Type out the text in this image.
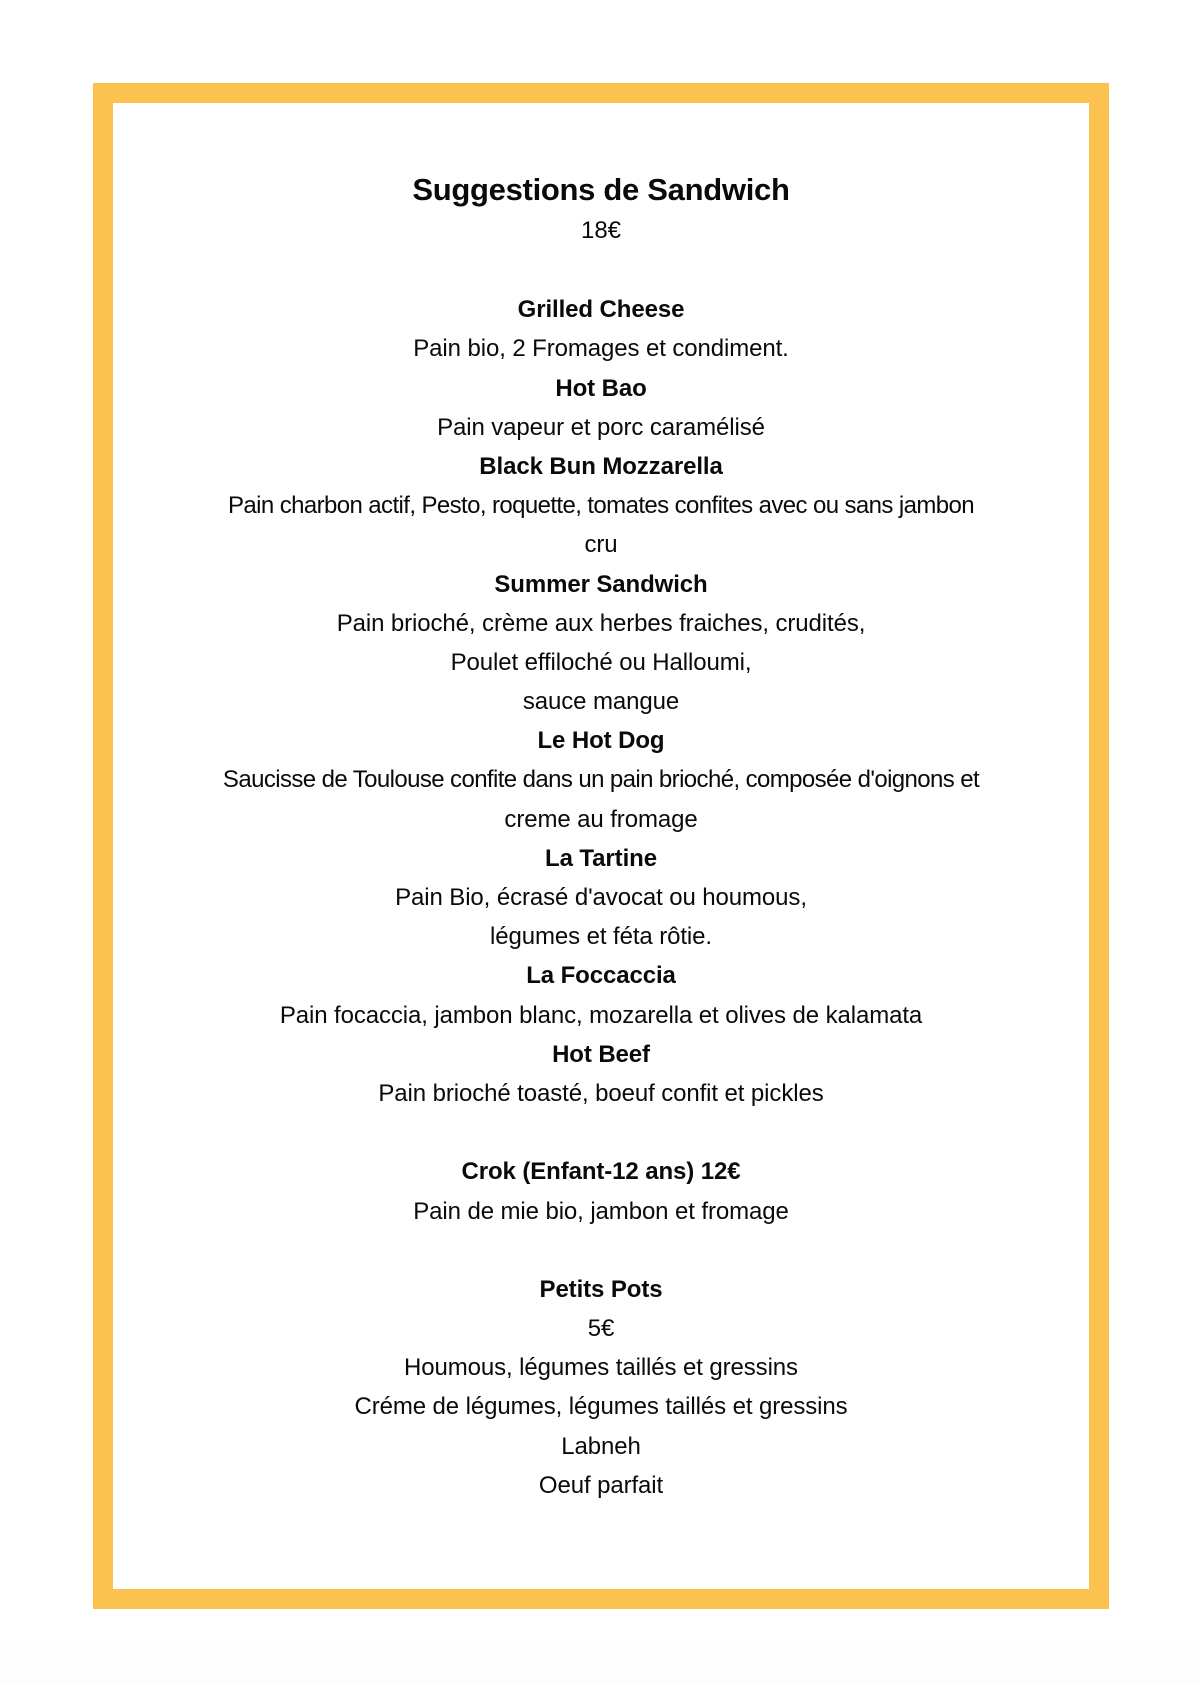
Suggestions de Sandwich
18€
Grilled Cheese
Pain bio, 2 Fromages et condiment.
Hot Bao
Pain vapeur et porc caramélisé
Black Bun Mozzarella
Pain charbon actif, Pesto, roquette, tomates confites avec ou sans jambon
cru
Summer Sandwich
Pain brioché, crème aux herbes fraiches, crudités,
Poulet effiloché ou Halloumi,
sauce mangue
Le Hot Dog
Saucisse de Toulouse confite dans un pain brioché, composée d'oignons et
creme au fromage
La Tartine
Pain Bio, écrasé d'avocat ou houmous,
légumes et féta rôtie.
La Foccaccia
Pain focaccia, jambon blanc, mozarella et olives de kalamata
Hot Beef
Pain brioché toasté, boeuf confit et pickles
Crok (Enfant-12 ans) 12€
Pain de mie bio, jambon et fromage
Petits Pots
5€
Houmous, légumes taillés et gressins
Créme de légumes, légumes taillés et gressins
Labneh
Oeuf parfait
